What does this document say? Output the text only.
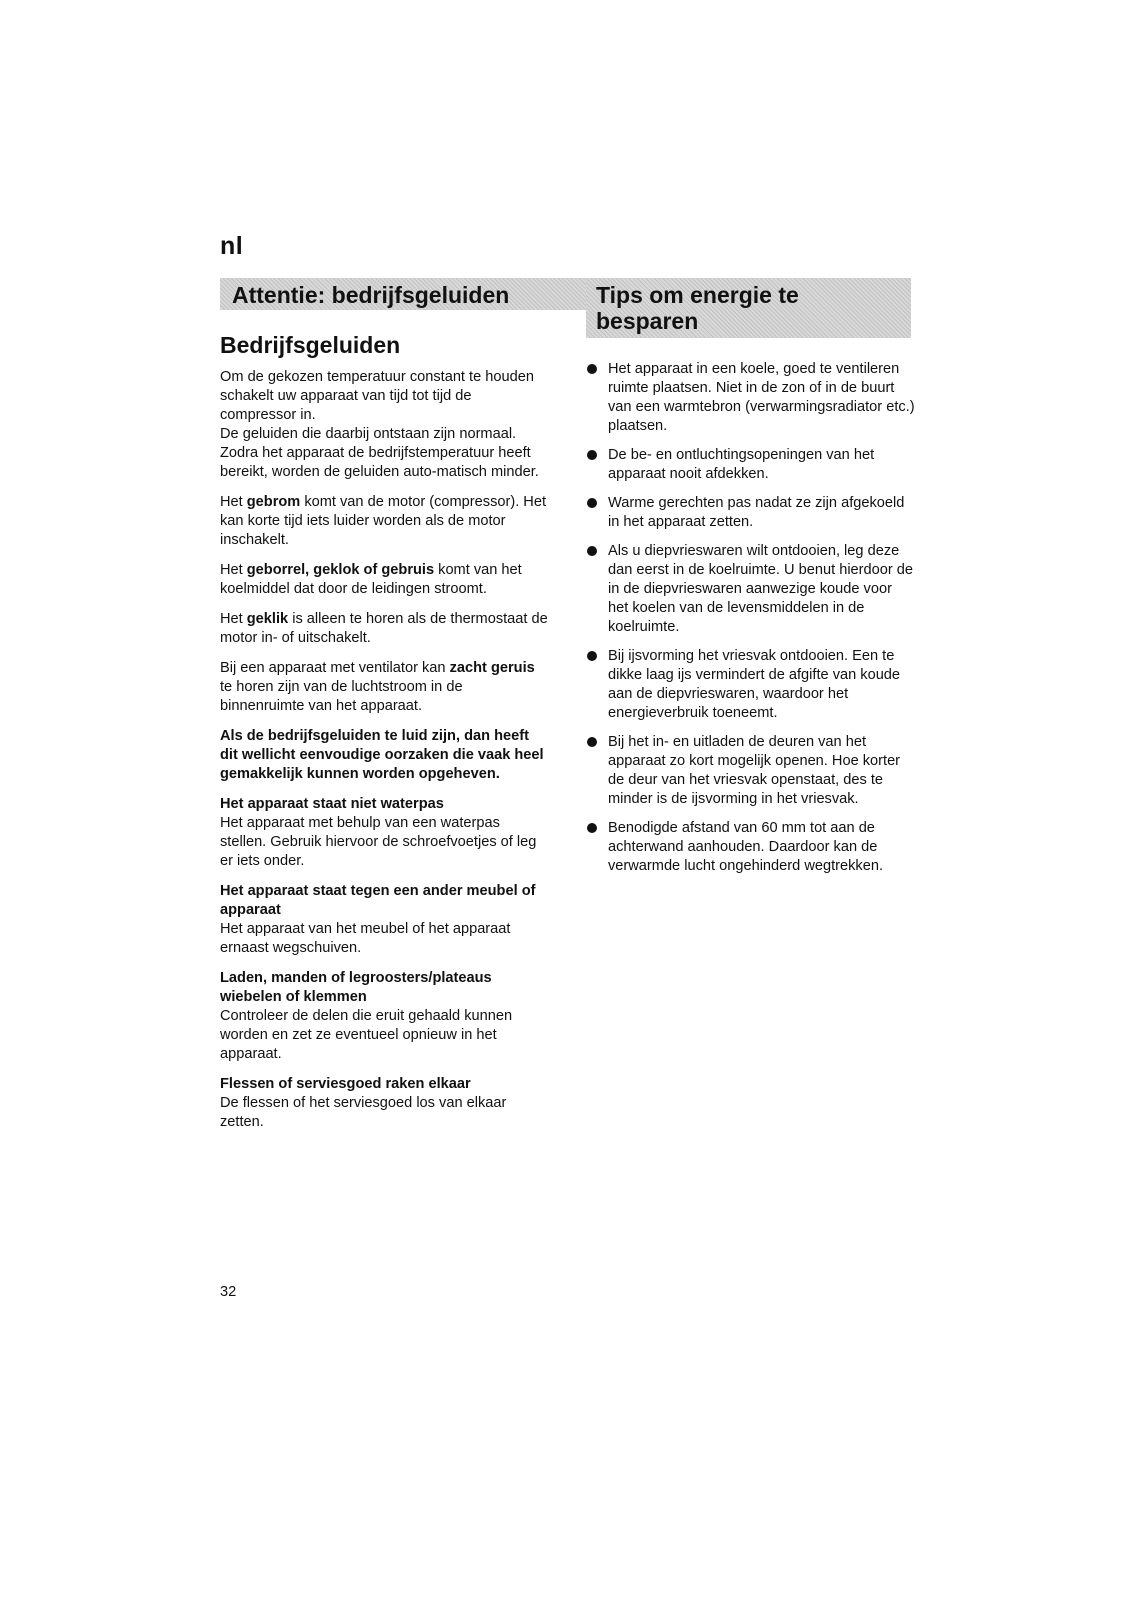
nl
Attentie: bedrijfsgeluiden	Tips om energie te besparen
Bedrijfsgeluiden

Om de gekozen temperatuur constant te houden schakelt uw apparaat van tijd tot tijd de compressor in.

De geluiden die daarbij ontstaan zijn normaal.

Zodra het apparaat de bedrijfstemperatuur heeft bereikt, worden de geluiden auto-matisch minder.

Het gebrom komt van de motor (compressor). Het kan korte tijd iets luider worden als de motor inschakelt.

Het geborrel, geklok of gebruis komt van het koelmiddel dat door de leidingen stroomt.

Het geklik is alleen te horen als de thermostaat de motor in- of uitschakelt.

Bij een apparaat met ventilator kan zacht geruis te horen zijn van de luchtstroom in de binnenruimte van het apparaat.

Als de bedrijfsgeluiden te luid zijn, dan heeft dit wellicht eenvoudige oorzaken die vaak heel gemakkelijk kunnen worden opgeheven.

Het apparaat staat niet waterpas
Het apparaat met behulp van een waterpas stellen. Gebruik hiervoor de schroefvoetjes of leg er iets onder.

Het apparaat staat tegen een ander meubel of apparaat
Het apparaat van het meubel of het apparaat ernaast wegschuiven.

Laden, manden of legroosters/plateaus wiebelen of klemmen
Controleer de delen die eruit gehaald kunnen worden en zet ze eventueel opnieuw in het apparaat.

Flessen of serviesgoed raken elkaar
De flessen of het serviesgoed los van elkaar zetten.

Het apparaat in een koele, goed te ventileren ruimte plaatsen. Niet in de zon of in de buurt van een warmtebron (verwarmingsradiator etc.) plaatsen.
De be- en ontluchtingsopeningen van het apparaat nooit afdekken.
Warme gerechten pas nadat ze zijn afgekoeld in het apparaat zetten.
Als u diepvrieswaren wilt ontdooien, leg deze dan eerst in de koelruimte. U benut hierdoor de in de diepvrieswaren aanwezige koude voor het koelen van de levensmiddelen in de koelruimte.
Bij ijsvorming het vriesvak ontdooien. Een te dikke laag ijs vermindert de afgifte van koude aan de diepvrieswaren, waardoor het energieverbruik toeneemt.
Bij het in- en uitladen de deuren van het apparaat zo kort mogelijk openen. Hoe korter de deur van het vriesvak openstaat, des te minder is de ijsvorming in het vriesvak.
Benodigde afstand van 60 mm tot aan de achterwand aanhouden. Daardoor kan de verwarmde lucht ongehinderd wegtrekken.
32
